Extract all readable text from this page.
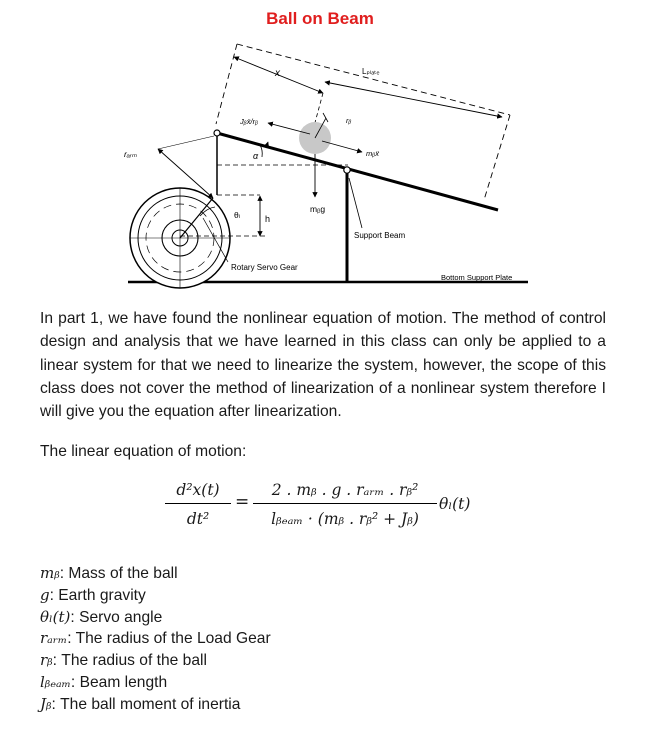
Ball on Beam
rₐᵣₘ
x	Lₚₗₐₜₑ
rᵦ
Jᵦẍ/rᵦ
mᵦẍ
α
θₗ	h
mᵦg
Support Beam
Rotary Servo Gear
Bottom Support Plate

In part 1, we have found the nonlinear equation of motion. The method of control design and analysis that we have learned in this class can only be applied to a linear system for that we need to linearize the system, however, the scope of this class does not cover the method of linearization of a nonlinear system therefore I will give you the equation after linearization.

The linear equation of motion:

d²x(t)
dt²
=
2 . mᵦ . g . rₐᵣₘ . rᵦ²
lᵦₑₐₘ · (mᵦ . rᵦ² + Jᵦ)
θₗ(t)
mᵦ: Mass of the ball
g: Earth gravity
θₗ(t): Servo angle
rₐᵣₘ: The radius of the Load Gear
rᵦ: The radius of the ball
lᵦₑₐₘ: Beam length
Jᵦ: The ball moment of inertia
